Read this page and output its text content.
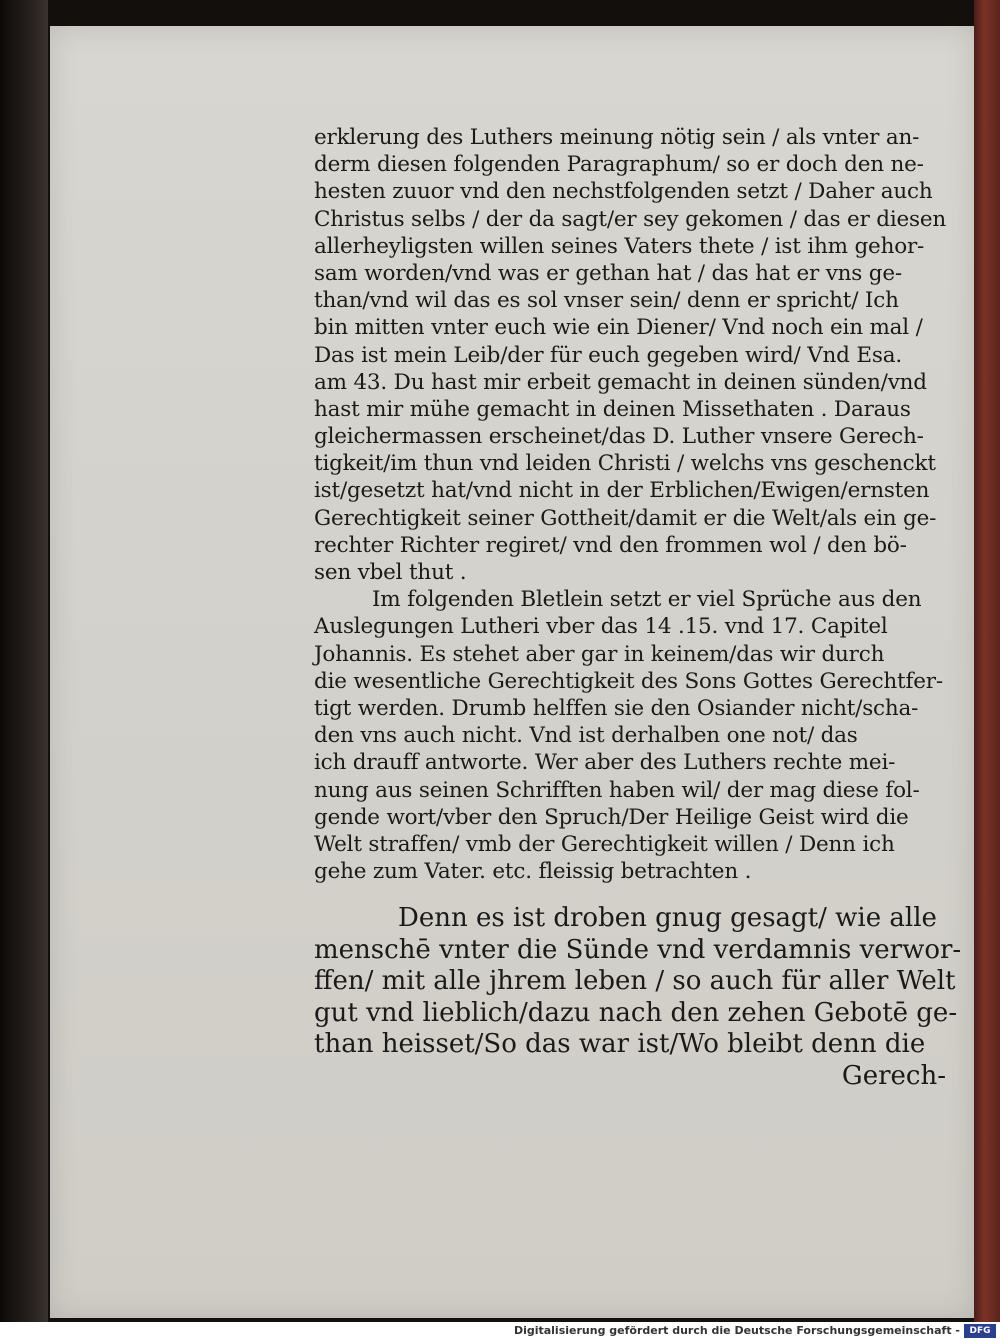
erklerung des Luthers meinung nötig sein / als vnter an-
derm diesen folgenden Paragraphum/ so er doch den ne-
hesten zuuor vnd den nechstfolgenden setzt / Daher auch
Christus selbs / der da sagt/er sey gekomen / das er diesen
allerheyligsten willen seines Vaters thete / ist ihm gehor-
sam worden/vnd was er gethan hat / das hat er vns ge-
than/vnd wil das es sol vnser sein/ denn er spricht/ Ich
bin mitten vnter euch wie ein Diener/ Vnd noch ein mal /
Das ist mein Leib/der für euch gegeben wird/ Vnd Esa.
am 43. Du hast mir erbeit gemacht in deinen sünden/vnd
hast mir mühe gemacht in deinen Missethaten . Daraus
gleichermassen erscheinet/das D. Luther vnsere Gerech-
tigkeit/im thun vnd leiden Christi / welchs vns geschenckt
ist/gesetzt hat/vnd nicht in der Erblichen/Ewigen/ernsten
Gerechtigkeit seiner Gottheit/damit er die Welt/als ein ge-
rechter Richter regiret/ vnd den frommen wol / den bö-
sen vbel thut .
Im folgenden Bletlein setzt er viel Sprüche aus den
Auslegungen Lutheri vber das 14 .15. vnd 17. Capitel
Johannis. Es stehet aber gar in keinem/das wir durch
die wesentliche Gerechtigkeit des Sons Gottes Gerechtfer-
tigt werden. Drumb helffen sie den Osiander nicht/scha-
den vns auch nicht. Vnd ist derhalben one not/ das
ich drauff antworte. Wer aber des Luthers rechte mei-
nung aus seinen Schrifften haben wil/ der mag diese fol-
gende wort/vber den Spruch/Der Heilige Geist wird die
Welt straffen/ vmb der Gerechtigkeit willen / Denn ich
gehe zum Vater. etc. fleissig betrachten .
Denn es ist droben gnug gesagt/ wie alle
menschē vnter die Sünde vnd verdamnis verwor-
ffen/ mit alle jhrem leben / so auch für aller Welt
gut vnd lieblich/dazu nach den zehen Gebotē ge-
than heisset/So das war ist/Wo bleibt denn die
Gerech-
Digitalisierung gefördert durch die Deutsche Forschungsgemeinschaft -	DFG
